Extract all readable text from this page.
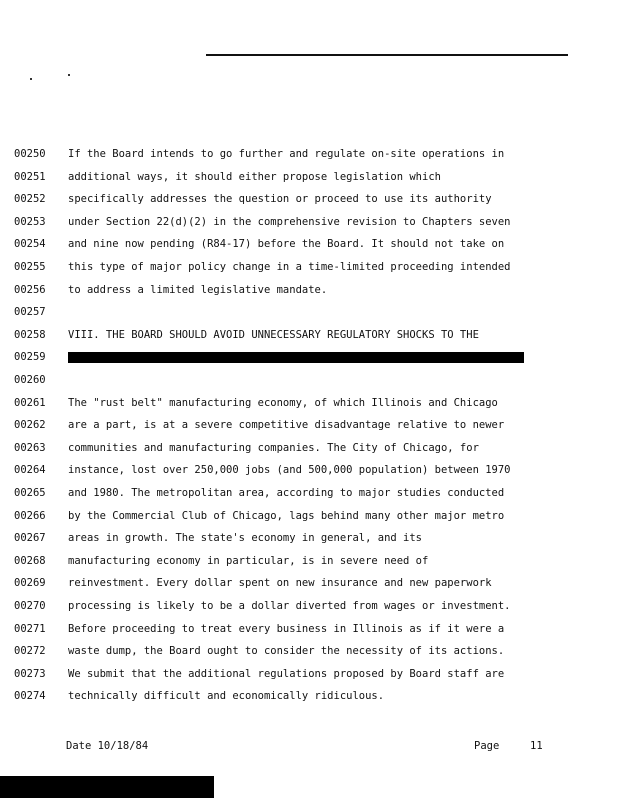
00250 If the Board intends to go further and regulate on-site operations in
00251 additional ways, it should either propose legislation which
00252 specifically addresses the question or proceed to use its authority
00253 under Section 22(d)(2) in the comprehensive revision to Chapters seven
00254 and nine now pending (R84-17) before the Board. It should not take on
00255 this type of major policy change in a time-limited proceeding intended
00256 to address a limited legislative mandate.
00257
00258 VIII. THE BOARD SHOULD AVOID UNNECESSARY REGULATORY SHOCKS TO THE
00259
00260
00261 The "rust belt" manufacturing economy, of which Illinois and Chicago
00262 are a part, is at a severe competitive disadvantage relative to newer
00263 communities and manufacturing companies. The City of Chicago, for
00264 instance, lost over 250,000 jobs (and 500,000 population) between 1970
00265 and 1980. The metropolitan area, according to major studies conducted
00266 by the Commercial Club of Chicago, lags behind many other major metro
00267 areas in growth. The state's economy in general, and its
00268 manufacturing economy in particular, is in severe need of
00269 reinvestment. Every dollar spent on new insurance and new paperwork
00270 processing is likely to be a dollar diverted from wages or investment.
00271 Before proceeding to treat every business in Illinois as if it were a
00272 waste dump, the Board ought to consider the necessity of its actions.
00273 We submit that the additional regulations proposed by Board staff are
00274 technically difficult and economically ridiculous.
Date 10/18/84	Page	11
